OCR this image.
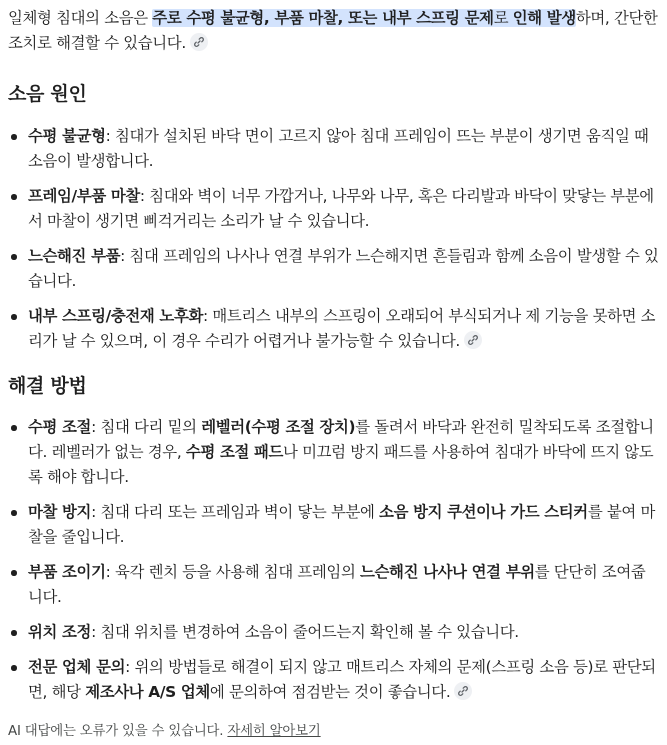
일체형 침대의 소음은 주로 수평 불균형, 부품 마찰, 또는 내부 스프링 문제로 인해 발생하며, 간단한 조치로 해결할 수 있습니다.

소음 원인
수평 불균형: 침대가 설치된 바닥 면이 고르지 않아 침대 프레임이 뜨는 부분이 생기면 움직일 때 소음이 발생합니다.
프레임/부품 마찰: 침대와 벽이 너무 가깝거나, 나무와 나무, 혹은 다리발과 바닥이 맞닿는 부분에서 마찰이 생기면 삐걱거리는 소리가 날 수 있습니다.
느슨해진 부품: 침대 프레임의 나사나 연결 부위가 느슨해지면 흔들림과 함께 소음이 발생할 수 있습니다.
내부 스프링/충전재 노후화: 매트리스 내부의 스프링이 오래되어 부식되거나 제 기능을 못하면 소리가 날 수 있으며, 이 경우 수리가 어렵거나 불가능할 수 있습니다.
해결 방법
수평 조절: 침대 다리 밑의 레벨러(수평 조절 장치)를 돌려서 바닥과 완전히 밀착되도록 조절합니다. 레벨러가 없는 경우, 수평 조절 패드나 미끄럼 방지 패드를 사용하여 침대가 바닥에 뜨지 않도록 해야 합니다.
마찰 방지: 침대 다리 또는 프레임과 벽이 닿는 부분에 소음 방지 쿠션이나 가드 스티커를 붙여 마찰을 줄입니다.
부품 조이기: 육각 렌치 등을 사용해 침대 프레임의 느슨해진 나사나 연결 부위를 단단히 조여줍니다.
위치 조정: 침대 위치를 변경하여 소음이 줄어드는지 확인해 볼 수 있습니다.
전문 업체 문의: 위의 방법들로 해결이 되지 않고 매트리스 자체의 문제(스프링 소음 등)로 판단되면, 해당 제조사나 A/S 업체에 문의하여 점검받는 것이 좋습니다.
AI 대답에는 오류가 있을 수 있습니다. 자세히 알아보기
